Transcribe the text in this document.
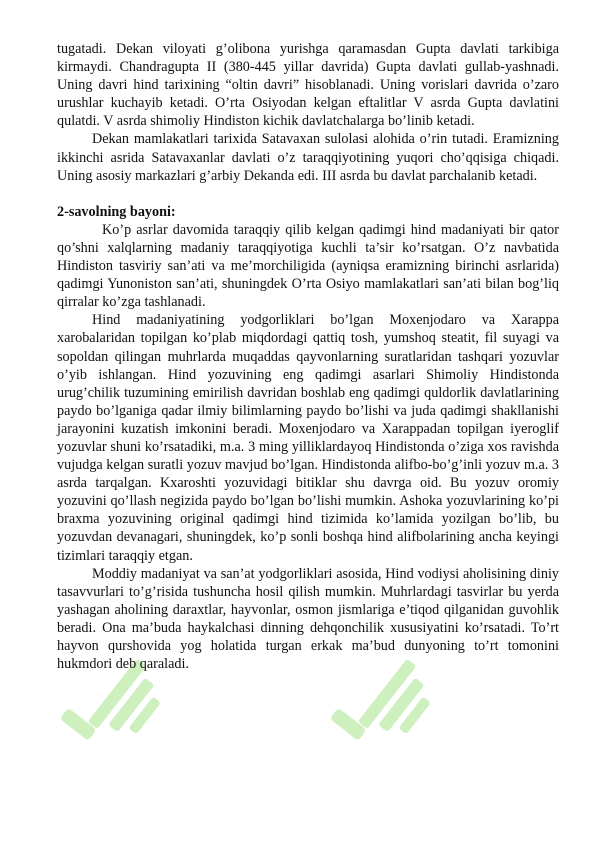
tugatadi. Dekan viloyati g’olibona yurishga qaramasdan Gupta davlati tarkibiga kirmaydi. Chandragupta II (380-445 yillar davrida) Gupta davlati gullab-yashnadi. Uning davri hind tarixining “oltin davri” hisoblanadi. Uning vorislari davrida o’zaro urushlar kuchayib ketadi. O’rta Osiyodan kelgan eftalitlar V asrda Gupta davlatini qulatdi. V asrda shimoliy Hindiston kichik davlatchalarga bo’linib ketadi.

Dekan mamlakatlari tarixida Satavaxan sulolasi alohida o’rin tutadi. Eramizning ikkinchi asrida Satavaxanlar davlati o’z taraqqiyotining yuqori cho’qqisiga chiqadi. Uning asosiy markazlari g’arbiy Dekanda edi. III asrda bu davlat parchalanib ketadi.

2-savolning bayoni:

Ko’p asrlar davomida taraqqiy qilib kelgan qadimgi hind madaniyati bir qator qo’shni xalqlarning madaniy taraqqiyotiga kuchli ta’sir ko’rsatgan. O’z navbatida Hindiston tasviriy san’ati va me’morchiligida (ayniqsa eramizning birinchi asrlarida) qadimgi Yunoniston san’ati, shuningdek O’rta Osiyo mamlakatlari san’ati bilan bog’liq qirralar ko’zga tashlanadi.

Hind madaniyatining yodgorliklari bo’lgan Moxenjodaro va Xarappa xarobalaridan topilgan ko’plab miqdordagi qattiq tosh, yumshoq steatit, fil suyagi va sopoldan qilingan muhrlarda muqaddas qayvonlarning suratlaridan tashqari yozuvlar o’yib ishlangan. Hind yozuvining eng qadimgi asarlari Shimoliy Hindistonda urug’chilik tuzumining emirilish davridan boshlab eng qadimgi quldorlik davlatlarining paydo bo’lganiga qadar ilmiy bilimlarning paydo bo’lishi va juda qadimgi shakllanishi jarayonini kuzatish imkonini beradi. Moxenjodaro va Xarappadan topilgan iyeroglif yozuvlar shuni ko’rsatadiki, m.a. 3 ming yilliklardayoq Hindistonda o’ziga xos ravishda vujudga kelgan suratli yozuv mavjud bo’lgan. Hindistonda alifbo-bo’g’inli yozuv m.a. 3 asrda tarqalgan. Kxaroshti yozuvidagi bitiklar shu davrga oid. Bu yozuv oromiy yozuvini qo’llash negizida paydo bo’lgan bo’lishi mumkin. Ashoka yozuvlarining ko’pi braxma yozuvining original qadimgi hind tizimida ko’lamida yozilgan bo’lib, bu yozuvdan devanagari, shuningdek, ko’p sonli boshqa hind alifbolarining ancha keyingi tizimlari taraqqiy etgan.

Moddiy madaniyat va san’at yodgorliklari asosida, Hind vodiysi aholisining diniy tasavvurlari to’g’risida tushuncha hosil qilish mumkin. Muhrlardagi tasvirlar bu yerda yashagan aholining daraxtlar, hayvonlar, osmon jismlariga e’tiqod qilganidan guvohlik beradi. Ona ma’buda haykalchasi dinning dehqonchilik xususiyatini ko’rsatadi. To’rt hayvon qurshovida yog holatida turgan erkak ma’bud dunyoning to’rt tomonini hukmdori deb qaraladi.
